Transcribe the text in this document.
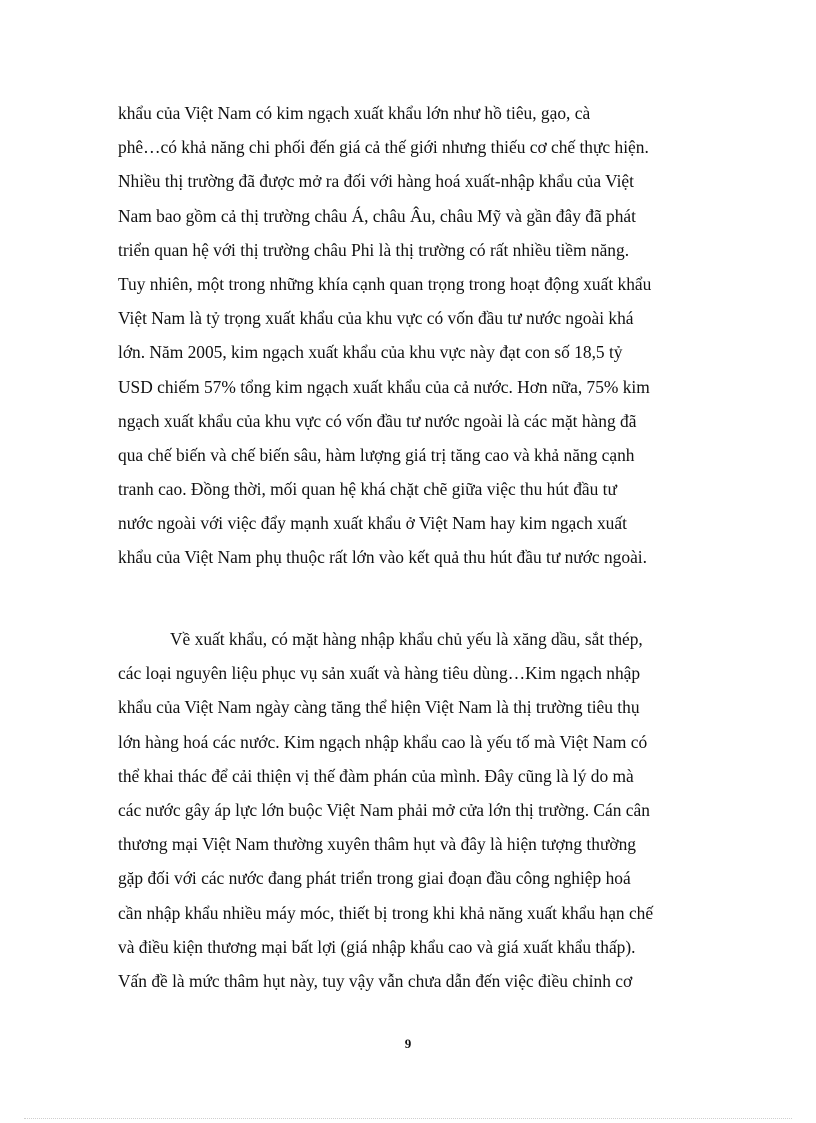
khẩu của Việt Nam có kim ngạch xuất khẩu lớn như hồ tiêu, gạo, cà
phê…có khả năng chi phối đến giá cả thế giới nhưng thiếu cơ chế thực hiện.
Nhiều thị trường đã được mở ra đối với hàng hoá xuất-nhập khẩu của Việt
Nam bao gồm cả thị trường châu Á, châu Âu, châu Mỹ và gần đây đã phát
triển quan hệ với thị trường châu Phi là thị trường có rất nhiều tiềm năng.
Tuy nhiên, một trong những khía cạnh quan trọng trong hoạt động xuất khẩu
Việt Nam là tỷ trọng xuất khẩu của khu vực có vốn đầu tư nước ngoài khá
lớn. Năm 2005, kim ngạch xuất khẩu của khu vực này đạt con số 18,5 tỷ
USD chiếm 57% tổng kim ngạch xuất khẩu của cả nước. Hơn nữa, 75% kim
ngạch xuất khẩu của khu vực có vốn đầu tư nước ngoài là các mặt hàng đã
qua chế biến và chế biến sâu, hàm lượng giá trị tăng cao và khả năng cạnh
tranh cao. Đồng thời, mối quan hệ khá chặt chẽ giữa việc thu hút đầu tư
nước ngoài với việc đẩy mạnh xuất khẩu ở Việt Nam hay kim ngạch xuất
khẩu của Việt Nam phụ thuộc rất lớn vào kết quả thu hút đầu tư nước ngoài.
Về xuất khẩu, có mặt hàng nhập khẩu chủ yếu là xăng dầu, sắt thép,
các loại nguyên liệu phục vụ sản xuất và hàng tiêu dùng…Kim ngạch nhập
khẩu của Việt Nam ngày càng tăng thể hiện Việt Nam là thị trường tiêu thụ
lớn hàng hoá các nước. Kim ngạch nhập khẩu cao là yếu tố mà Việt Nam có
thể khai thác để cải thiện vị thế đàm phán của mình. Đây cũng là lý do mà
các nước gây áp lực lớn buộc Việt Nam phải mở cửa lớn thị trường. Cán cân
thương mại Việt Nam thường xuyên thâm hụt và đây là hiện tượng thường
gặp đối với các nước đang phát triển trong giai đoạn đầu công nghiệp hoá
cần nhập khẩu nhiều máy móc, thiết bị trong khi khả năng xuất khẩu hạn chế
và điều kiện thương mại bất lợi (giá nhập khẩu cao và giá xuất khẩu thấp).
Vấn đề là mức thâm hụt này, tuy vậy vẫn chưa dẫn đến việc điều chỉnh cơ
9
